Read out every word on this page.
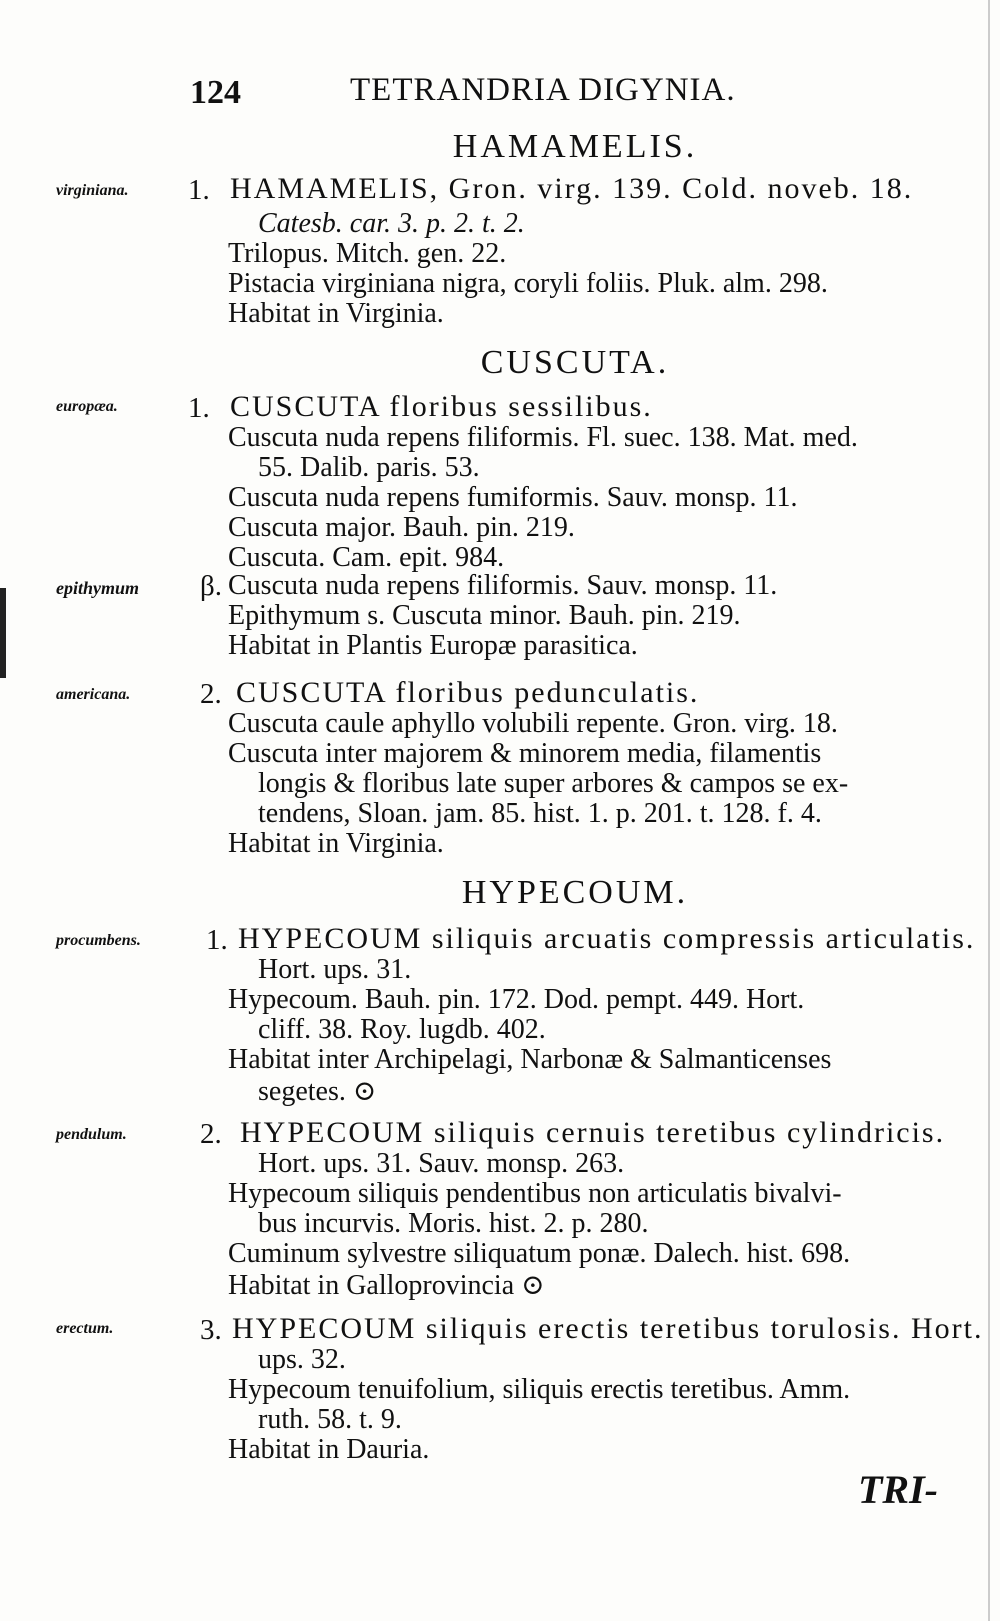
124	TETRANDRIA DIGYNIA.
HAMAMELIS.
virginiana. 1. HAMAMELIS, Gron. virg. 139. Cold. noveb. 18.
Catesb. car. 3. p. 2. t. 2.
Trilopus. Mitch. gen. 22.
Pistacia virginiana nigra, coryli foliis. Pluk. alm. 298.
Habitat in Virginia.
CUSCUTA.
europæa. 1. CUSCUTA floribus sessilibus.
Cuscuta nuda repens filiformis. Fl. suec. 138. Mat. med.
55. Dalib. paris. 53.
Cuscuta nuda repens fumiformis. Sauv. monsp. 11.
Cuscuta major. Bauh. pin. 219.
Cuscuta. Cam. epit. 984.
epithymum β. Cuscuta nuda repens filiformis. Sauv. monsp. 11.
Epithymum s. Cuscuta minor. Bauh. pin. 219.
Habitat in Plantis Europæ parasitica.
americana. 2. CUSCUTA floribus pedunculatis.
Cuscuta caule aphyllo volubili repente. Gron. virg. 18.
Cuscuta inter majorem & minorem media, filamentis
longis & floribus late super arbores & campos se ex-
tendens, Sloan. jam. 85. hist. 1. p. 201. t. 128. f. 4.
Habitat in Virginia.
HYPECOUM.
procumbens. 1. HYPECOUM siliquis arcuatis compressis articulatis.
Hort. ups. 31.
Hypecoum. Bauh. pin. 172. Dod. pempt. 449. Hort.
cliff. 38. Roy. lugdb. 402.
Habitat inter Archipelagi, Narbonæ & Salmanticenses
segetes. ⊙
pendulum.	2. HYPECOUM siliquis cernuis teretibus cylindricis.
Hort. ups. 31. Sauv. monsp. 263.
Hypecoum siliquis pendentibus non articulatis bivalvi-
bus incurvis. Moris. hist. 2. p. 280.
Cuminum sylvestre siliquatum ponæ. Dalech. hist. 698.
Habitat in Galloprovincia ⊙
erectum.	3. HYPECOUM siliquis erectis teretibus torulosis. Hort.
ups. 32.
Hypecoum tenuifolium, siliquis erectis teretibus. Amm.
ruth. 58. t. 9.
Habitat in Dauria.
TRI-
